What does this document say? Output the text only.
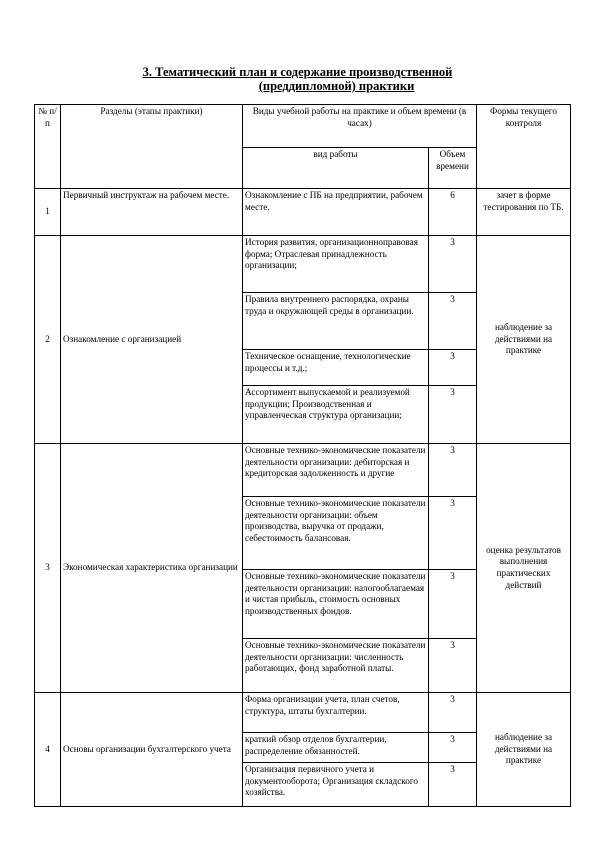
3. Тематический план и содержание производственной
(преддипломной) практики
№ п/п	Разделы (этапы практики)	Виды учебной работы на практике и объем времени (в часах)		Формы текущего контроля
		вид работы	Объем времени	
1	Первичный инструктаж на рабочем месте.	Ознакомление с ПБ на предприятии, рабочем месте.	6	зачет в форме тестирования по ТБ.
2	Ознакомление с организацией	История развития, организационнoправовая форма; Отраслевая принадлежность организации;	3	наблюдение за действиями на практике
		Правила внутреннего распорядка, охраны труда и окружающей среды в организации.	3	
		Техническое оснащение, технологические процессы и т.д.;	3	
		Ассортимент выпускаемой и реализуемой продукции; Производственная и управленческая структура организации;	3	
3	Экономическая характеристика организации	Основные технико-экономические показатели деятельности организации: дебиторская и кредиторская задолженность и другие	3	оценка результатов выполнения практических действий
		Основные технико-экономические показатели деятельности организации: объем производства, выручка от продажи, себестоимость балансовая.	3	
		Основные технико-экономические показатели деятельности организации: налогооблагаемая и чистая прибыль, стоимость основных производственных фондов.	3	
		Основные технико-экономические показатели деятельности организации: численность работающих, фонд заработной платы.	3	
4	Основы организации бухгалтерского учета	Форма организации учета, план счетов, структура, штаты бухгалтерии.	3	наблюдение за действиями на практике
		краткий обзор отделов бухгалтерии, распределение обязанностей.	3	
		Организация первичного учета и документооборота; Организация складского хозяйства.	3	
